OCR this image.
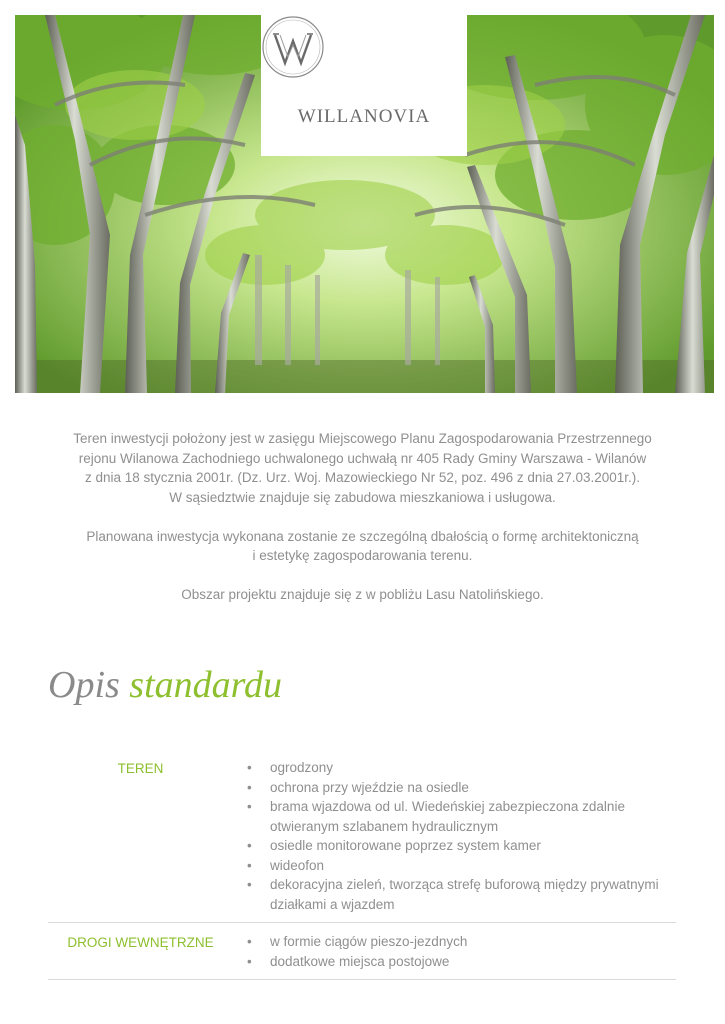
WILLANOVIA

Teren inwestycji położony jest w zasięgu Miejscowego Planu Zagospodarowania Przestrzennego
rejonu Wilanowa Zachodniego uchwalonego uchwałą nr 405 Rady Gminy Warszawa - Wilanów
z dnia 18 stycznia 2001r. (Dz. Urz. Woj. Mazowieckiego Nr 52, poz. 496 z dnia 27.03.2001r.).
W sąsiedztwie znajduje się zabudowa mieszkaniowa i usługowa.

Planowana inwestycja wykonana zostanie ze szczególną dbałością o formę architektoniczną
i estetykę zagospodarowania terenu.

Obszar projektu znajduje się z w pobliżu Lasu Natolińskiego.

Opis standardu
TEREN	• ogrodzony
• ochrona przy wjeździe na osiedle
• brama wjazdowa od ul. Wiedeńskiej zabezpieczona zdalnie otwieranym szlabanem hydraulicznym
• osiedle monitorowane poprzez system kamer
• wideofon
• dekoracyjna zieleń, tworząca strefę buforową między prywatnymi działkami a wjazdem
DROGI WEWNĘTRZNE	• w formie ciągów pieszo-jezdnych
• dodatkowe miejsca postojowe
